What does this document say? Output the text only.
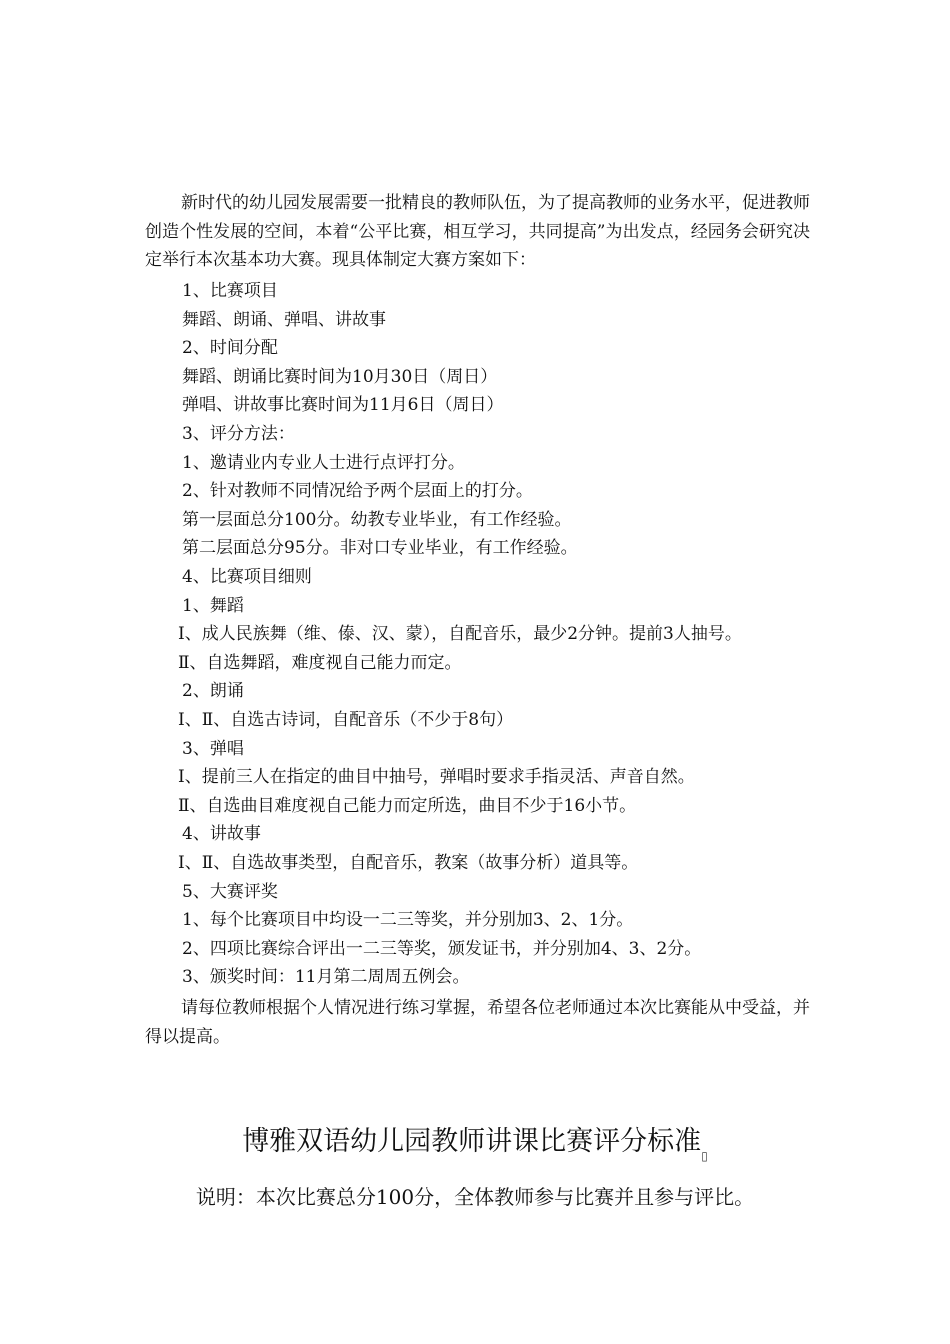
新时代的幼儿园发展需要一批精良的教师队伍，为了提高教师的业务水平，促进教师创造个性发展的空间，本着“公平比赛，相互学习，共同提高”为出发点，经园务会研究决定举行本次基本功大赛。现具体制定大赛方案如下：

1、比赛项目

舞蹈、朗诵、弹唱、讲故事

2、时间分配

舞蹈、朗诵比赛时间为10月30日（周日）

弹唱、讲故事比赛时间为11月6日（周日）

3、评分方法：

1、邀请业内专业人士进行点评打分。

2、针对教师不同情况给予两个层面上的打分。

第一层面总分100分。幼教专业毕业，有工作经验。

第二层面总分95分。非对口专业毕业，有工作经验。

4、比赛项目细则

1、舞蹈

Ⅰ、成人民族舞（维、傣、汉、蒙），自配音乐，最少2分钟。提前3人抽号。

Ⅱ、自选舞蹈，难度视自己能力而定。

2、朗诵

Ⅰ、Ⅱ、自选古诗词，自配音乐（不少于8句）

3、弹唱

Ⅰ、提前三人在指定的曲目中抽号，弹唱时要求手指灵活、声音自然。

Ⅱ、自选曲目难度视自己能力而定所选，曲目不少于16小节。

4、讲故事

Ⅰ、Ⅱ、自选故事类型，自配音乐，教案（故事分析）道具等。

5、大赛评奖

1、每个比赛项目中均设一二三等奖，并分别加3、2、1分。

2、四项比赛综合评出一二三等奖，颁发证书，并分别加4、3、2分。

3、颁奖时间：11月第二周周五例会。

请每位教师根据个人情况进行练习掌握，希望各位老师通过本次比赛能从中受益，并得以提高。

博雅双语幼儿园教师讲课比赛评分标准$_▯$
说明：本次比赛总分100分，全体教师参与比赛并且参与评比。
